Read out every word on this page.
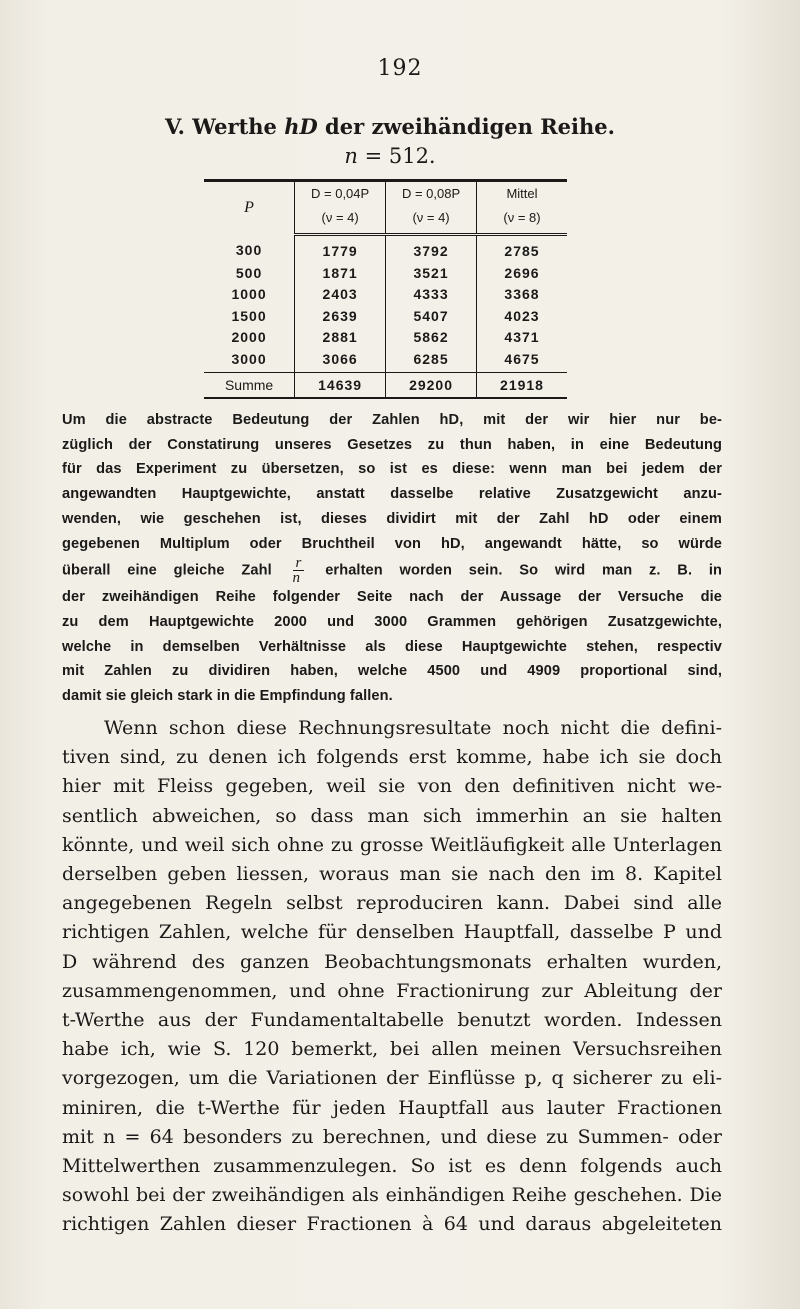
192
V. Werthe hD der zweihändigen Reihe.
n = 512.
P	D = 0,04P	D = 0,08P	Mittel
	(ν = 4)	(ν = 4)	(ν = 8)
300	1779	3792	2785
500	1871	3521	2696
1000	2403	4333	3368
1500	2639	5407	4023
2000	2881	5862	4371
3000	3066	6285	4675
Summe	14639	29200	21918
Um die abstracte Bedeutung der Zahlen hD, mit der wir hier nur be-
züglich der Constatirung unseres Gesetzes zu thun haben, in eine Bedeutung
für das Experiment zu übersetzen, so ist es diese: wenn man bei jedem der
angewandten Hauptgewichte, anstatt dasselbe relative Zusatzgewicht anzu-
wenden, wie geschehen ist, dieses dividirt mit der Zahl hD oder einem
gegebenen Multiplum oder Bruchtheil von hD, angewandt hätte, so würde
überall eine gleiche Zahl $\frac{r}{n}$ erhalten worden sein. So wird man z. B. in
der zweihändigen Reihe folgender Seite nach der Aussage der Versuche die
zu dem Hauptgewichte 2000 und 3000 Grammen gehörigen Zusatzgewichte,
welche in demselben Verhältnisse als diese Hauptgewichte stehen, respectiv
mit Zahlen zu dividiren haben, welche 4500 und 4909 proportional sind,
damit sie gleich stark in die Empfindung fallen.
Wenn schon diese Rechnungsresultate noch nicht die defini-
tiven sind, zu denen ich folgends erst komme, habe ich sie doch
hier mit Fleiss gegeben, weil sie von den definitiven nicht we-
sentlich abweichen, so dass man sich immerhin an sie halten
könnte, und weil sich ohne zu grosse Weitläufigkeit alle Unterlagen
derselben geben liessen, woraus man sie nach den im 8. Kapitel
angegebenen Regeln selbst reproduciren kann. Dabei sind alle
richtigen Zahlen, welche für denselben Hauptfall, dasselbe P und
D während des ganzen Beobachtungsmonats erhalten wurden,
zusammengenommen, und ohne Fractionirung zur Ableitung der
t-Werthe aus der Fundamentaltabelle benutzt worden. Indessen
habe ich, wie S. 120 bemerkt, bei allen meinen Versuchsreihen
vorgezogen, um die Variationen der Einflüsse p, q sicherer zu eli-
miniren, die t-Werthe für jeden Hauptfall aus lauter Fractionen
mit n = 64 besonders zu berechnen, und diese zu Summen- oder
Mittelwerthen zusammenzulegen. So ist es denn folgends auch
sowohl bei der zweihändigen als einhändigen Reihe geschehen. Die
richtigen Zahlen dieser Fractionen à 64 und daraus abgeleiteten
